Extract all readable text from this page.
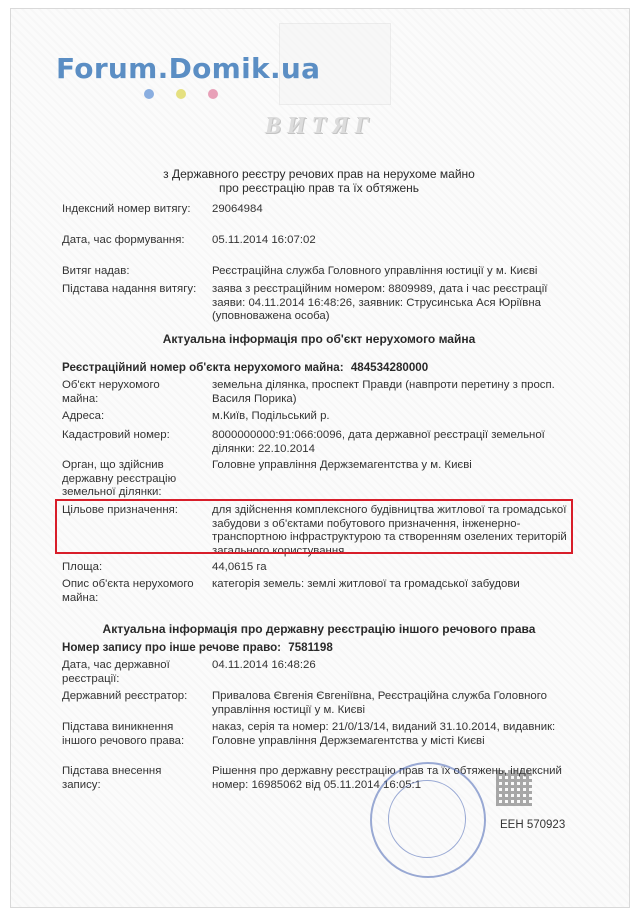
ВИТЯГ
Forum.Domik.ua
з Державного реєстру речових прав на нерухоме майно
про реєстрацію прав та їх обтяжень
Індексний номер витягу:	29064984
Дата, час формування:	05.11.2014 16:07:02
Витяг надав:	Реєстраційна служба Головного управління юстиції у м. Києві
Підстава надання витягу: заява з реєстраційним номером: 8809989, дата і час реєстрації заяви: 04.11.2014 16:48:26, заявник: Струсинська Ася Юріївна (уповноважена особа)
Актуальна інформація про об'єкт нерухомого майна
Реєстраційний номер об'єкта нерухомого майна: 484534280000
Об'єкт нерухомого майна:
земельна ділянка, проспект Правди (навпроти перетину з просп. Василя Порика)
Адреса:	м.Київ, Подільський р.
Кадастровий номер:	8000000000:91:066:0096, дата державної реєстрації земельної ділянки: 22.10.2014
Орган, що здійснив державну реєстрацію земельної ділянки:
Головне управління Держземагентства у м. Києві
Цільове призначення:	для здійснення комплексного будівництва житлової та громадської забудови з об'єктами побутового призначення, інженерно-транспортною інфраструктурою та створенням озелених територій загального користування
Площа:	44,0615 га
Опис об'єкта нерухомого майна:
категорія земель: землі житлової та громадської забудови
Актуальна інформація про державну реєстрацію іншого речового права
Номер запису про інше речове право: 7581198
Дата, час державної реєстрації:
04.11.2014 16:48:26
Державний реєстратор:	Привалова Євгенія Євгеніївна, Реєстраційна служба Головного управління юстиції у м. Києві
Підстава виникнення іншого речового права:
наказ, серія та номер: 21/0/13/14, виданий 31.10.2014, видавник: Головне управління Держземагентства у місті Києві
Підстава внесення запису:
Рішення про державну реєстрацію прав та їх обтяжень, індексний номер: 16985062 від 05.11.2014 16:05:1
ЕЕН 570923
